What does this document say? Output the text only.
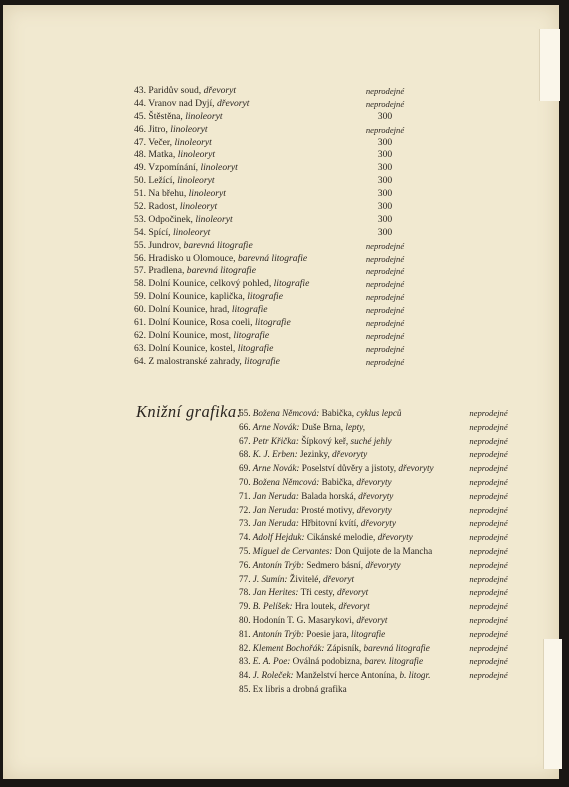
43. Paridův soud, dřevoryt	neprodejné
44. Vranov nad Dyjí, dřevoryt	neprodejné
45. Štěstěna, linoleoryt	300
46. Jitro, linoleoryt	neprodejné
47. Večer, linoleoryt	300
48. Matka, linoleoryt	300
49. Vzpomínání, linoleoryt	300
50. Ležící, linoleoryt	300
51. Na břehu, linoleoryt	300
52. Radost, linoleoryt	300
53. Odpočinek, linoleoryt	300
54. Spící, linoleoryt	300
55. Jundrov, barevná litografie	neprodejné
56. Hradisko u Olomouce, barevná litografie	neprodejné
57. Pradlena, barevná litografie	neprodejné
58. Dolní Kounice, celkový pohled, litografie	neprodejné
59. Dolní Kounice, kaplička, litografie	neprodejné
60. Dolní Kounice, hrad, litografie	neprodejné
61. Dolní Kounice, Rosa coeli, litografie	neprodejné
62. Dolní Kounice, most, litografie	neprodejné
63. Dolní Kounice, kostel, litografie	neprodejné
64. Z malostranské zahrady, litografie	neprodejné
Knižní grafika:
65. Božena Němcová: Babička, cyklus lepců	neprodejné
66. Arne Novák: Duše Brna, lepty,	neprodejné
67. Petr Křička: Šípkový keř, suché jehly	neprodejné
68. K. J. Erben: Jezinky, dřevoryty	neprodejné
69. Arne Novák: Poselství důvěry a jistoty, dřevoryty	neprodejné
70. Božena Němcová: Babička, dřevoryty	neprodejné
71. Jan Neruda: Balada horská, dřevoryty	neprodejné
72. Jan Neruda: Prosté motivy, dřevoryty	neprodejné
73. Jan Neruda: Hřbitovní kvítí, dřevoryty	neprodejné
74. Adolf Hejduk: Cikánské melodie, dřevoryty	neprodejné
75. Miguel de Cervantes: Don Quijote de la Mancha	neprodejné
76. Antonín Trýb: Sedmero básní, dřevoryty	neprodejné
77. J. Sumín: Živitelé, dřevoryt	neprodejné
78. Jan Herites: Tři cesty, dřevoryt	neprodejné
79. B. Pelíšek: Hra loutek, dřevoryt	neprodejné
80. Hodonín T. G. Masarykovi, dřevoryt	neprodejné
81. Antonín Trýb: Poesie jara, litografie	neprodejné
82. Klement Bochořák: Zápisník, barevná litografie	neprodejné
83. E. A. Poe: Oválná podobizna, barev. litografie	neprodejné
84. J. Roleček: Manželství herce Antonína, b. litogr.	neprodejné
85. Ex libris a drobná grafika
